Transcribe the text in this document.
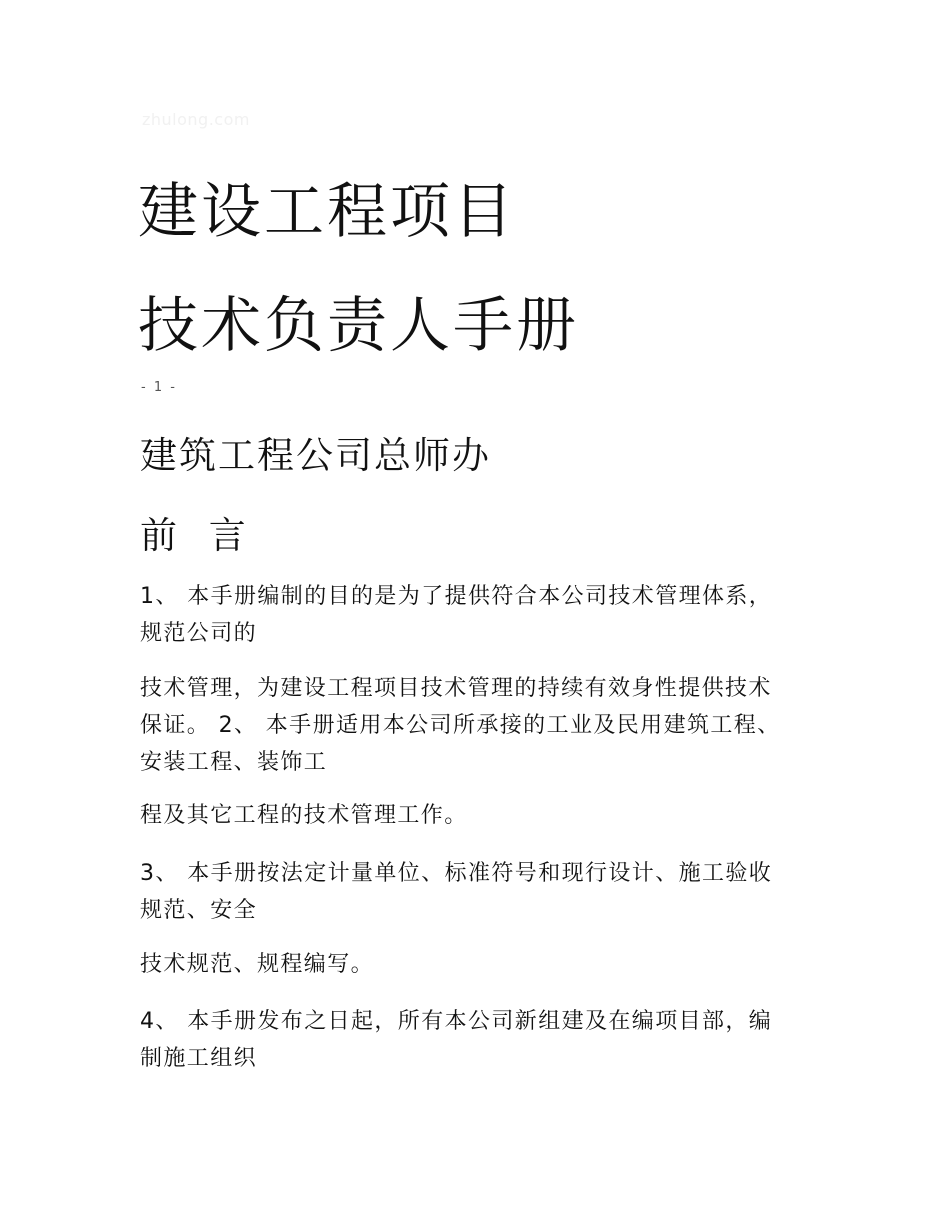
zhulong.com
建设工程项目
技术负责人手册
- 1 -
建筑工程公司总师办
前 言
1、 本手册编制的目的是为了提供符合本公司技术管理体系，
规范公司的
技术管理，为建设工程项目技术管理的持续有效身性提供技术
保证。 2、 本手册适用本公司所承接的工业及民用建筑工程、
安装工程、装饰工
程及其它工程的技术管理工作。
3、 本手册按法定计量单位、标准符号和现行设计、施工验收
规范、安全
技术规范、规程编写。
4、 本手册发布之日起，所有本公司新组建及在编项目部，编
制施工组织
